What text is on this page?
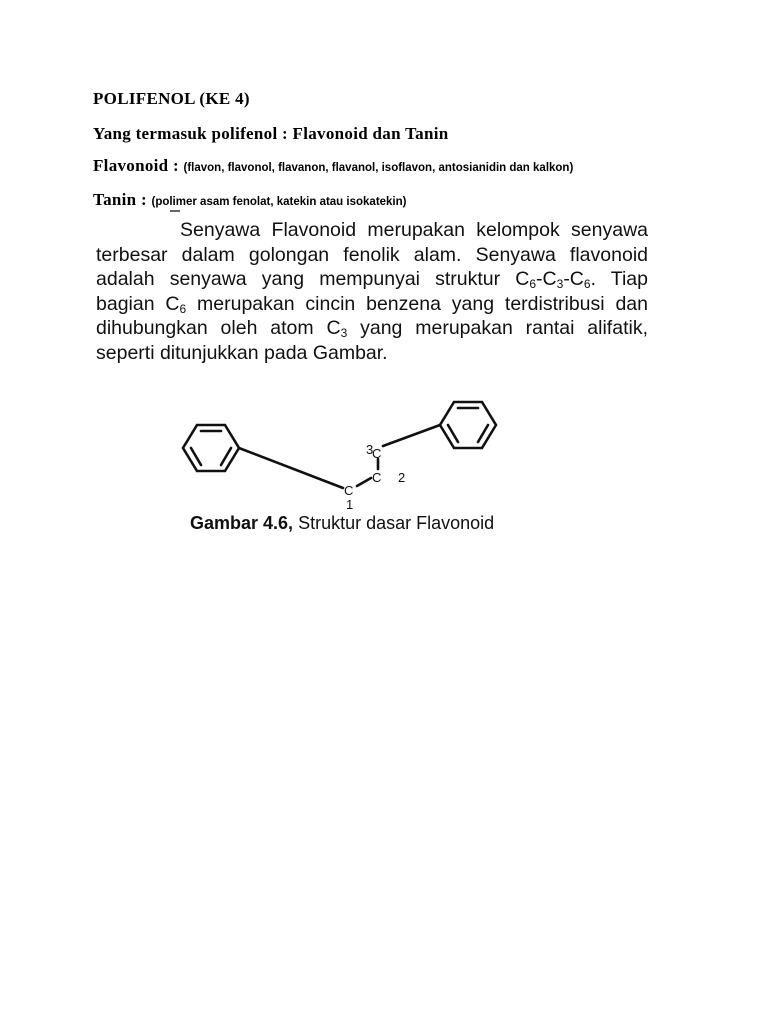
POLIFENOL (KE 4)
Yang termasuk polifenol : Flavonoid dan Tanin
Flavonoid : (flavon, flavonol, flavanon, flavanol, isoflavon, antosianidin dan kalkon)
Tanin : (polimer asam fenolat, katekin atau isokatekin)

Senyawa Flavonoid merupakan kelompok senyawa terbesar dalam golongan fenolik alam. Senyawa flavonoid adalah senyawa yang mempunyai struktur $C_6-C_3-C_6$. Tiap bagian $C_6$ merupakan cincin benzena yang terdistribusi dan dihubungkan oleh atom $C_3$ yang merupakan rantai alifatik, seperti ditunjukkan pada Gambar.

C
C
C
1
2
3
Gambar 4.6, Struktur dasar Flavonoid
